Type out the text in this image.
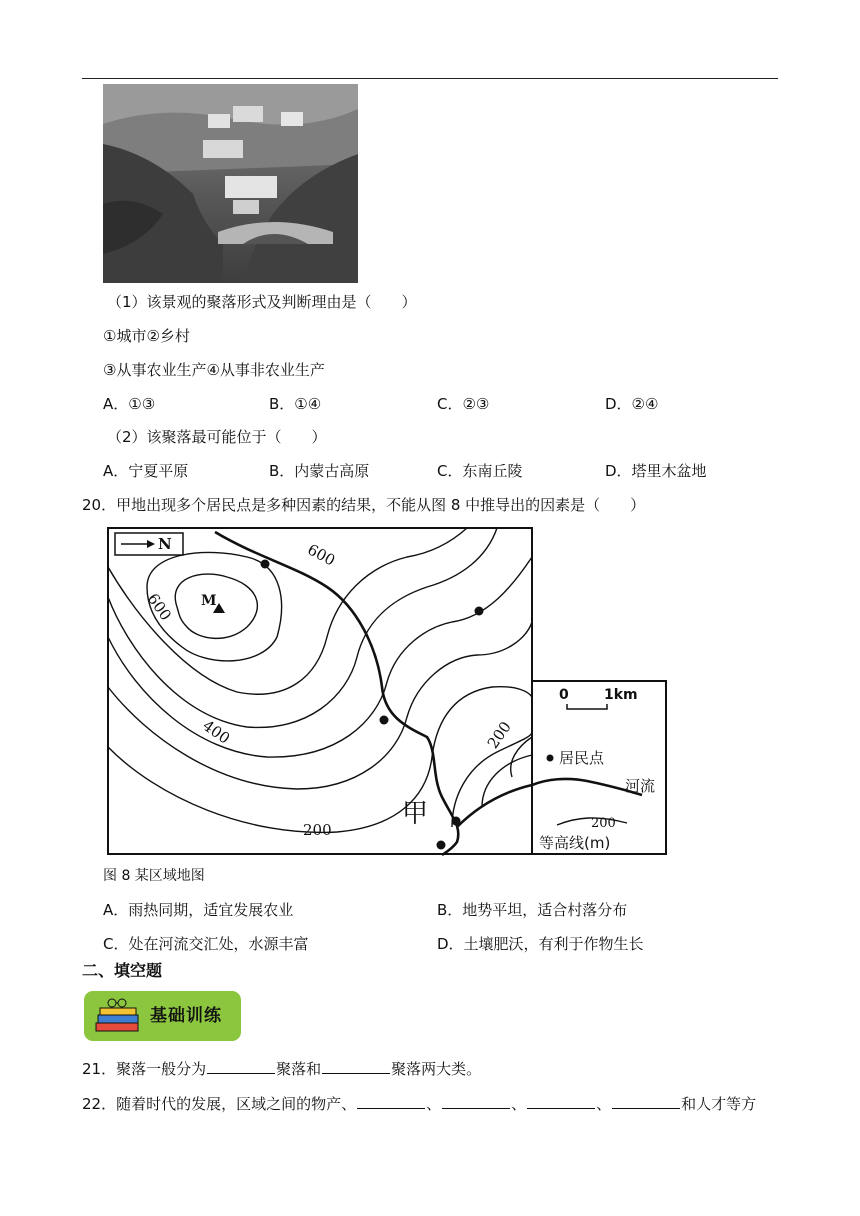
（1）该景观的聚落形式及判断理由是（　　）
①城市②乡村
③从事农业生产④从事非农业生产
A．①③	B．①④	C．②③	D．②④
（2）该聚落最可能位于（　　）
A．宁夏平原	B．内蒙古高原	C．东南丘陵	D．塔里木盆地
20．甲地出现多个居民点是多种因素的结果，不能从图 8 中推导出的因素是（　　）
N
M
甲
600
600
400
200
200
0	1km
居民点
河流
200
等高线(m)
图 8 某区域地图
A．雨热同期，适宜发展农业	B．地势平坦，适合村落分布
C．处在河流交汇处，水源丰富	D．土壤肥沃，有利于作物生长
二、填空题
基础训练
21．聚落一般分为	聚落和	聚落两大类。
22．随着时代的发展，区域之间的物产、	、	、	、	和人才等方
